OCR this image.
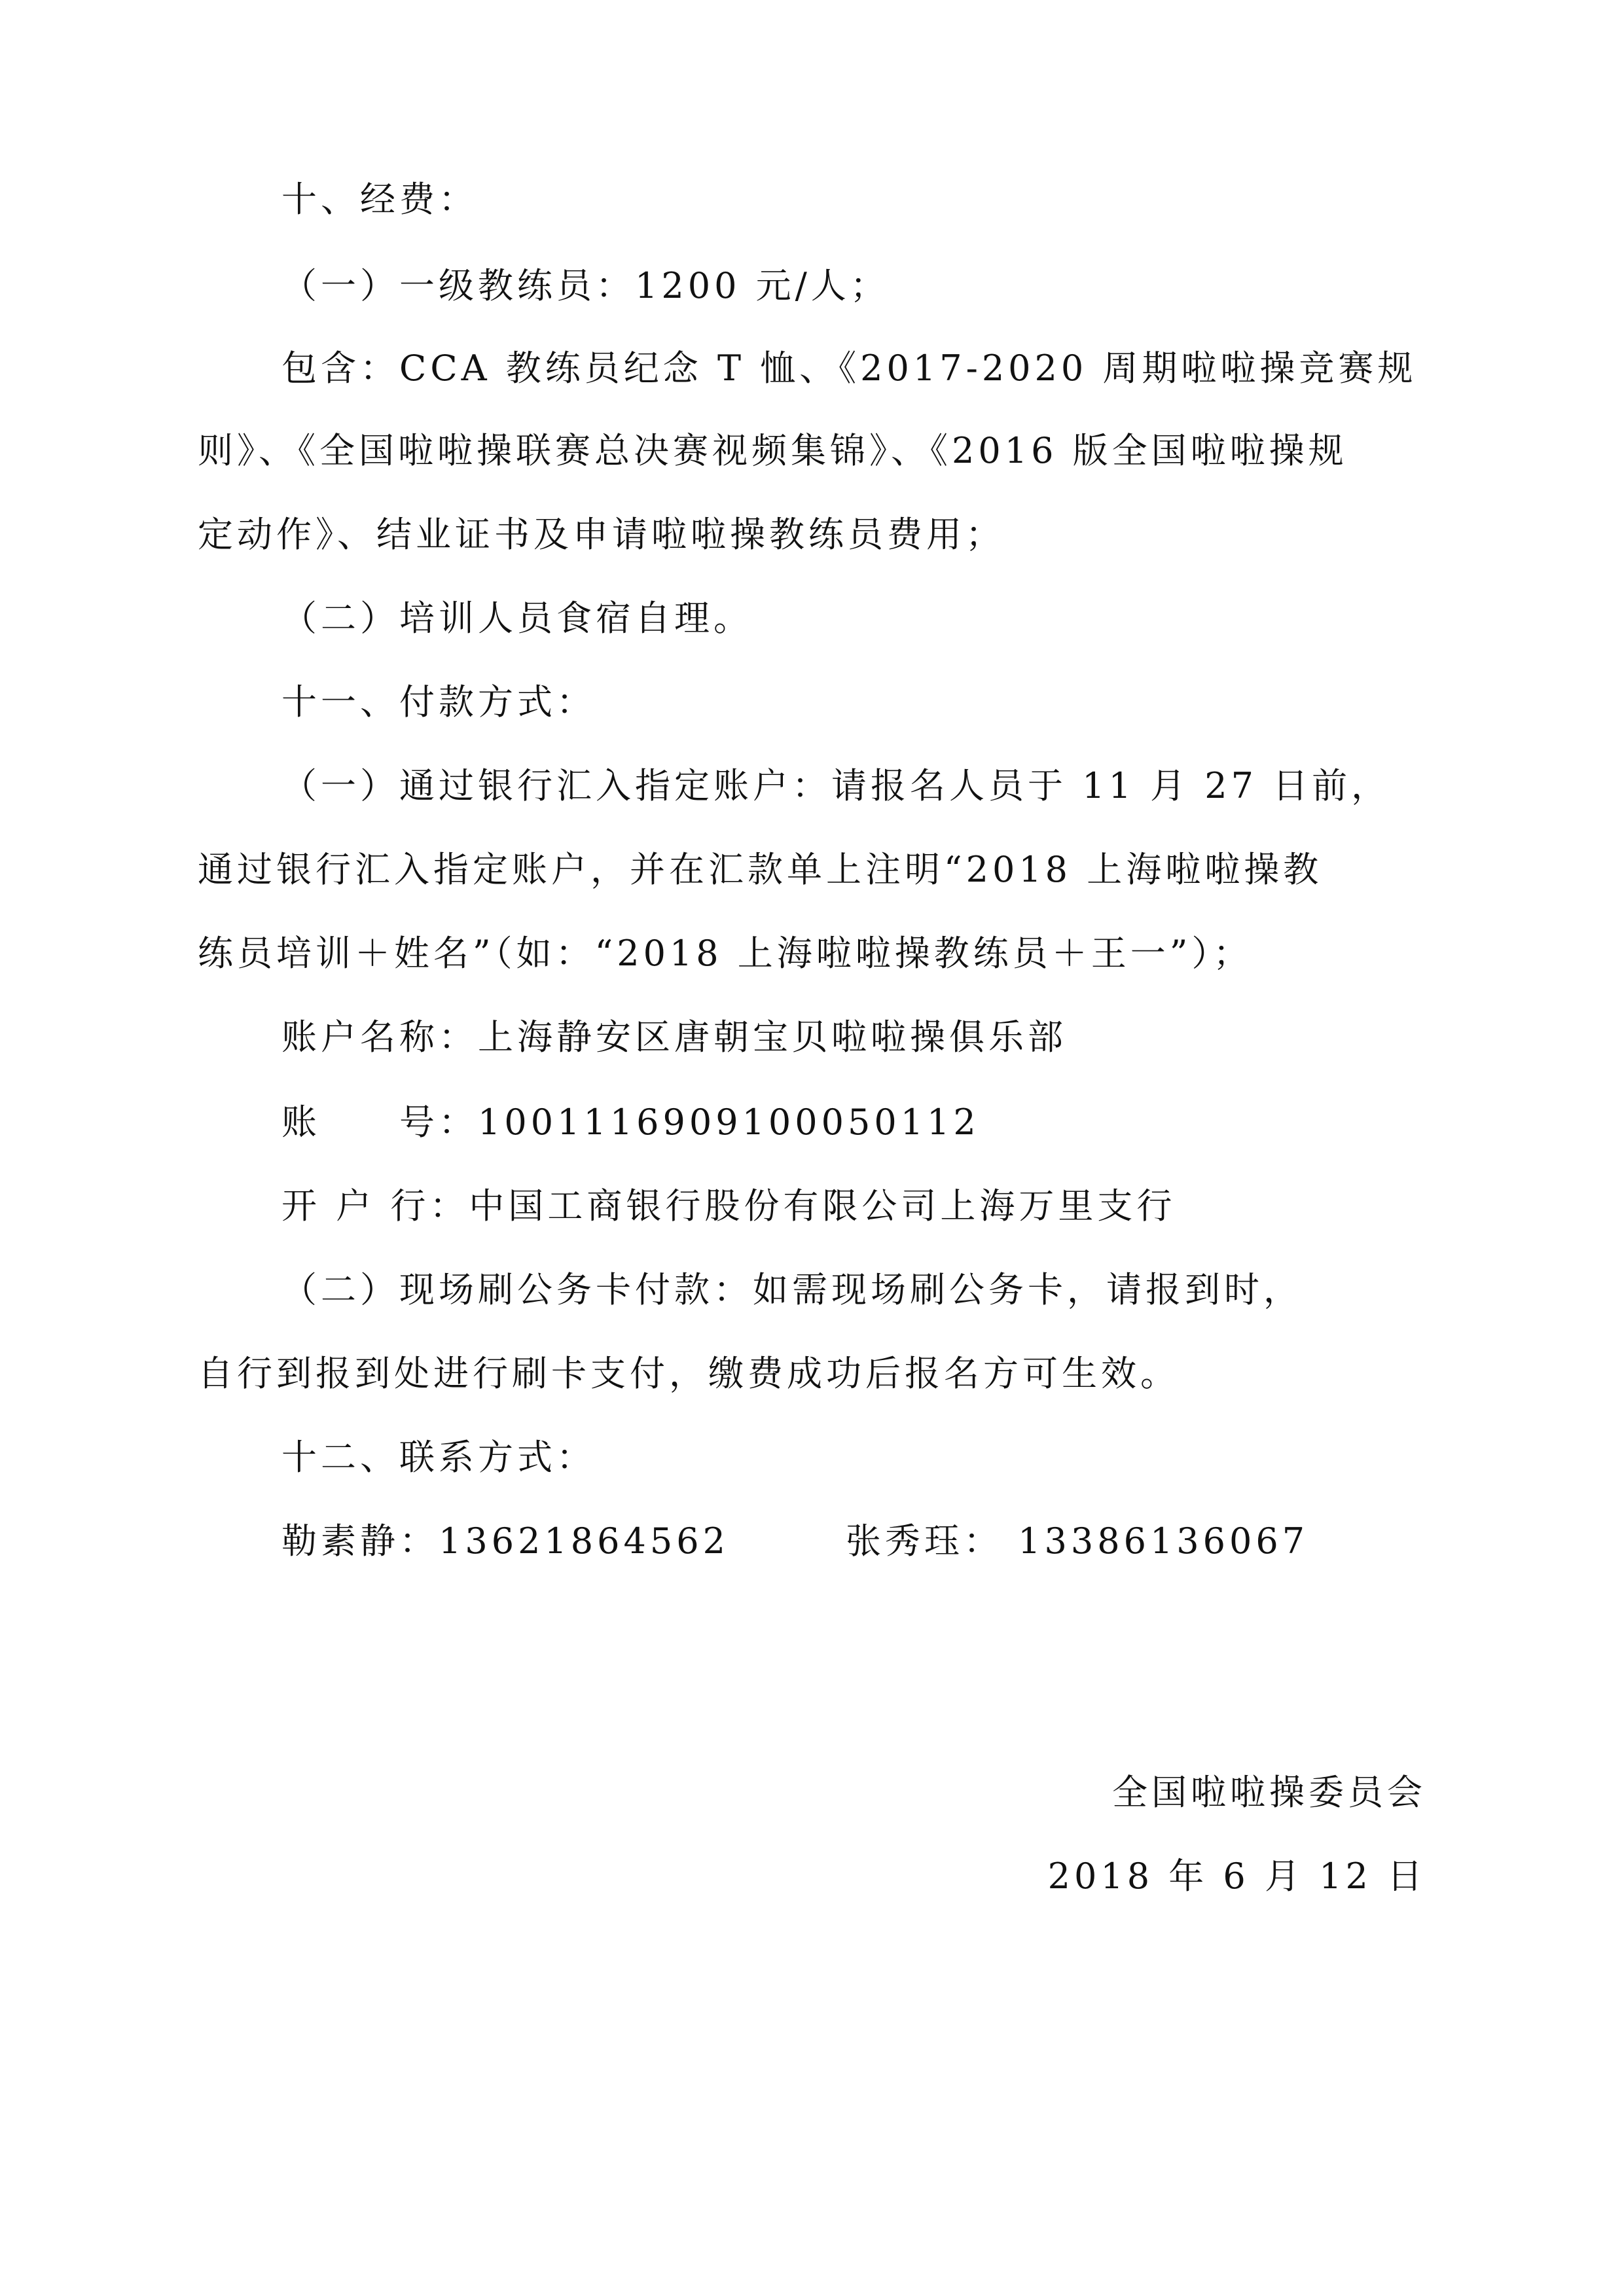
十、经费：
（一）一级教练员：1200 元/人；
包含：CCA 教练员纪念 T 恤、《2017-2020 周期啦啦操竞赛规
则》、《全国啦啦操联赛总决赛视频集锦》、《2016 版全国啦啦操规
定动作》、结业证书及申请啦啦操教练员费用；
（二）培训人员食宿自理。
十一、付款方式：
（一）通过银行汇入指定账户：请报名人员于 11 月 27 日前，
通过银行汇入指定账户，并在汇款单上注明“2018 上海啦啦操教
练员培训＋姓名”（如：“2018 上海啦啦操教练员＋王一”）；
账户名称：上海静安区唐朝宝贝啦啦操俱乐部
账　　号：1001116909100050112
开 户 行：中国工商银行股份有限公司上海万里支行
（二）现场刷公务卡付款：如需现场刷公务卡，请报到时，
自行到报到处进行刷卡支付，缴费成功后报名方可生效。
十二、联系方式：
勒素静：13621864562	张秀珏： 13386136067
全国啦啦操委员会
2018 年 6 月 12 日
